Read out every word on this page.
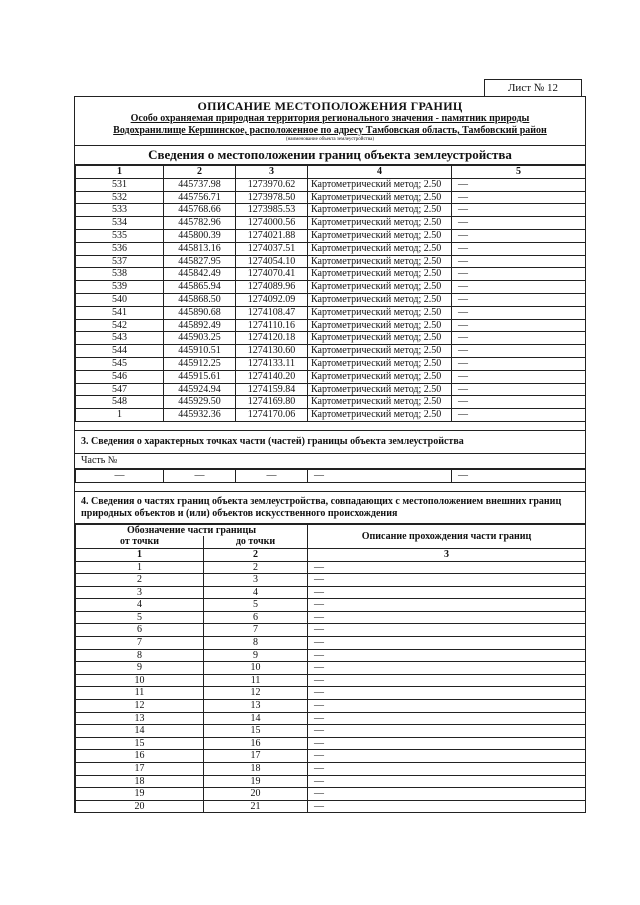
Лист № 12
ОПИСАНИЕ МЕСТОПОЛОЖЕНИЯ ГРАНИЦ
Особо охраняемая природная территория регионального значения - памятник природы
Водохранилище Кершинское, расположенное по адресу Тамбовская область, Тамбовский район
(наименование объекта землеустройства)
Сведения о местоположении границ объекта землеустройства
1	2	3	4	5
531	445737.98	1273970.62	Картометрический метод; 2.50	—
532	445756.71	1273978.50	Картометрический метод; 2.50	—
533	445768.66	1273985.53	Картометрический метод; 2.50	—
534	445782.96	1274000.56	Картометрический метод; 2.50	—
535	445800.39	1274021.88	Картометрический метод; 2.50	—
536	445813.16	1274037.51	Картометрический метод; 2.50	—
537	445827.95	1274054.10	Картометрический метод; 2.50	—
538	445842.49	1274070.41	Картометрический метод; 2.50	—
539	445865.94	1274089.96	Картометрический метод; 2.50	—
540	445868.50	1274092.09	Картометрический метод; 2.50	—
541	445890.68	1274108.47	Картометрический метод; 2.50	—
542	445892.49	1274110.16	Картометрический метод; 2.50	—
543	445903.25	1274120.18	Картометрический метод; 2.50	—
544	445910.51	1274130.60	Картометрический метод; 2.50	—
545	445912.25	1274133.11	Картометрический метод; 2.50	—
546	445915.61	1274140.20	Картометрический метод; 2.50	—
547	445924.94	1274159.84	Картометрический метод; 2.50	—
548	445929.50	1274169.80	Картометрический метод; 2.50	—
1	445932.36	1274170.06	Картометрический метод; 2.50	—
3. Сведения о характерных точках части (частей) границы объекта землеустройства
Часть №
—	—	—	—	—
4. Сведения о частях границ объекта землеустройства, совпадающих с местоположением внешних границ природных объектов и (или) объектов искусственного происхождения
Обозначение части границы		Описание прохождения части границ
от точки	до точки	
1	2	3
1	2	—
2	3	—
3	4	—
4	5	—
5	6	—
6	7	—
7	8	—
8	9	—
9	10	—
10	11	—
11	12	—
12	13	—
13	14	—
14	15	—
15	16	—
16	17	—
17	18	—
18	19	—
19	20	—
20	21	—
